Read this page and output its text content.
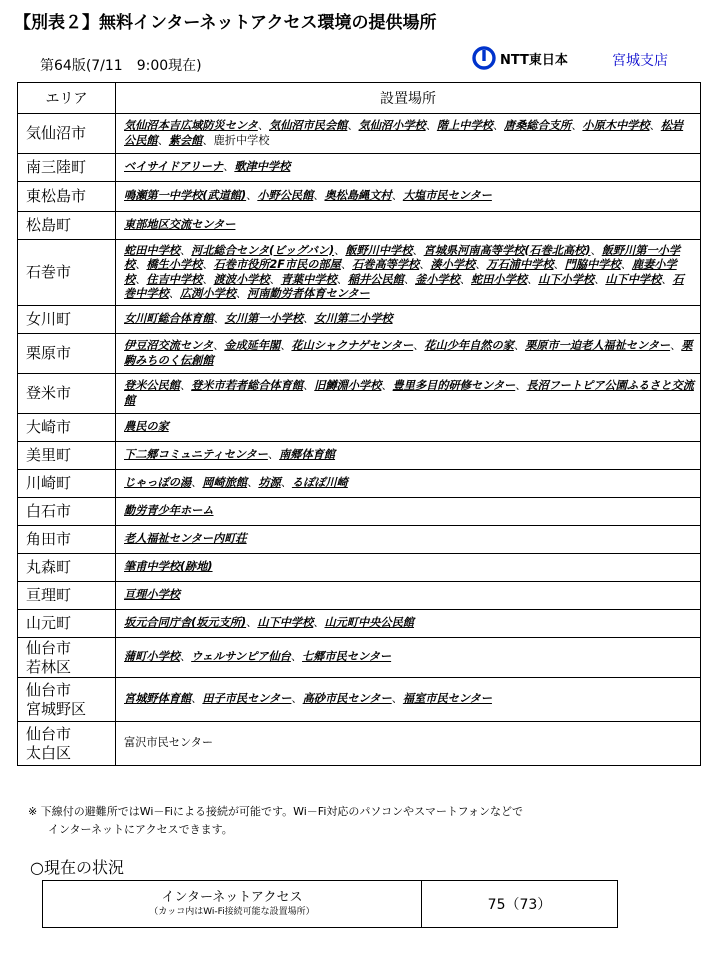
【別表２】無料インターネットアクセス環境の提供場所
第64版(7/11　9:00現在)	NTT東日本	宮城支店
エリア	設置場所

気仙沼市	気仙沼本吉広域防災センタ、気仙沼市民会館、気仙沼小学校、階上中学校、唐桑総合支所、小原木中学校、松岩公民館、紫会館、鹿折中学校

南三陸町	ベイサイドアリーナ、歌津中学校

東松島市	鳴瀬第一中学校(武道館)、小野公民館、奥松島縄文村、大塩市民センター

松島町	東部地区交流センター

石巻市	蛇田中学校、河北総合センタ(ビッグバン)、飯野川中学校、宮城県河南高等学校(石巻北高校)、飯野川第一小学校、橋生小学校、石巻市役所2F市民の部屋、石巻高等学校、湊小学校、万石浦中学校、門脇中学校、鹿妻小学校、住吉中学校、渡波小学校、青葉中学校、稲井公民館、釜小学校、蛇田小学校、山下小学校、山下中学校、石巻中学校、広渕小学校、河南勤労者体育センター

女川町	女川町総合体育館、女川第一小学校、女川第二小学校

栗原市	伊豆沼交流センタ、金成延年閣、花山シャクナゲセンター、花山少年自然の家、栗原市一迫老人福祉センター、栗駒みちのく伝創館

登米市	登米公民館、登米市若者総合体育館、旧鱒淵小学校、豊里多目的研修センター、長沼フートピア公園ふるさと交流館

大崎市	農民の家

美里町	下二郷コミュニティセンター、南郷体育館

川崎町	じゃっぽの湯、岡崎旅館、坊源、るぽぽ川崎

白石市	勤労青少年ホーム

角田市	老人福祉センター内町荘

丸森町	筆甫中学校(跡地)

亘理町	亘理小学校

山元町	坂元合同庁舎(坂元支所)、山下中学校、山元町中央公民館

仙台市
若林区	蒲町小学校、ウェルサンピア仙台、七郷市民センター

仙台市
宮城野区	宮城野体育館、田子市民センター、高砂市民センター、福室市民センター

仙台市
太白区	富沢市民センター
※ 下線付の避難所ではWi－Fiによる接続が可能です。Wi－Fi対応のパソコンやスマートフォンなどで
インターネットにアクセスできます。
○現在の状況
インターネットアクセス
（カッコ内はWi-Fi接続可能な設置場所）	75（73）
